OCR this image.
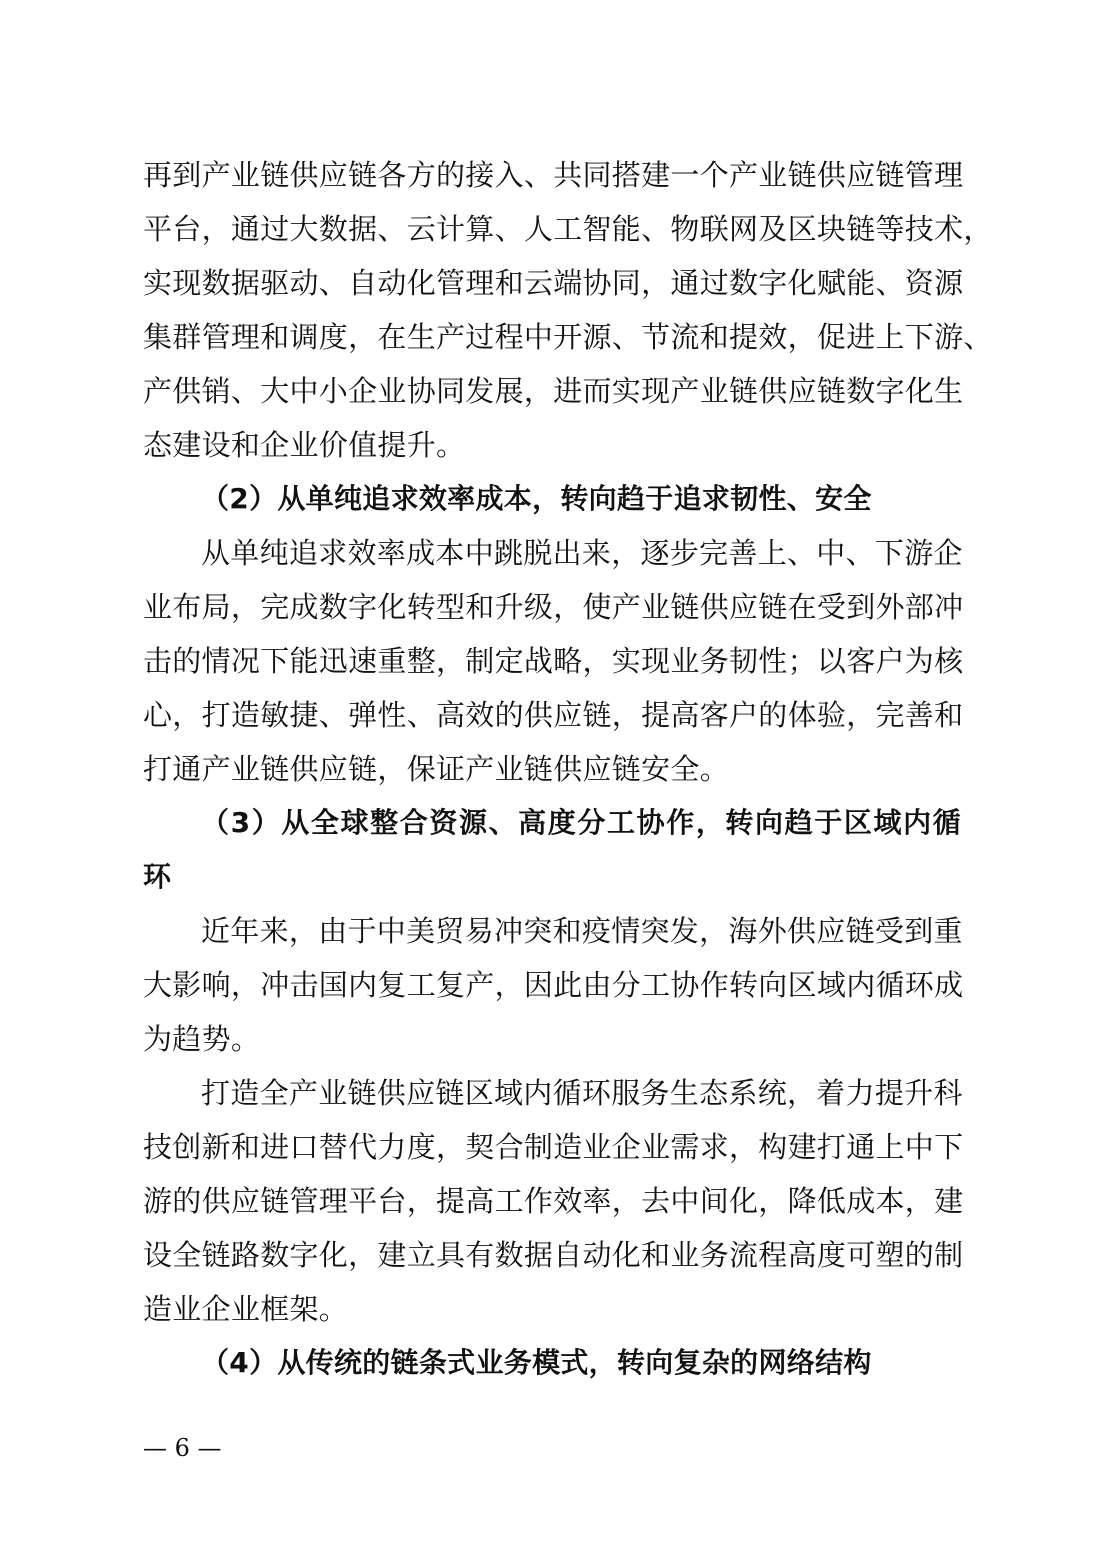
再到产业链供应链各方的接入、共同搭建一个产业链供应链管理
平台，通过大数据、云计算、人工智能、物联网及区块链等技术，
实现数据驱动、自动化管理和云端协同，通过数字化赋能、资源
集群管理和调度，在生产过程中开源、节流和提效，促进上下游、
产供销、大中小企业协同发展，进而实现产业链供应链数字化生
态建设和企业价值提升。
（2）从单纯追求效率成本，转向趋于追求韧性、安全
从单纯追求效率成本中跳脱出来，逐步完善上、中、下游企
业布局，完成数字化转型和升级，使产业链供应链在受到外部冲
击的情况下能迅速重整，制定战略，实现业务韧性；以客户为核
心，打造敏捷、弹性、高效的供应链，提高客户的体验，完善和
打通产业链供应链，保证产业链供应链安全。
（3）从全球整合资源、高度分工协作，转向趋于区域内循
环
近年来，由于中美贸易冲突和疫情突发，海外供应链受到重
大影响，冲击国内复工复产，因此由分工协作转向区域内循环成
为趋势。
打造全产业链供应链区域内循环服务生态系统，着力提升科
技创新和进口替代力度，契合制造业企业需求，构建打通上中下
游的供应链管理平台，提高工作效率，去中间化，降低成本，建
设全链路数字化，建立具有数据自动化和业务流程高度可塑的制
造业企业框架。
（4）从传统的链条式业务模式，转向复杂的网络结构
— 6 —
